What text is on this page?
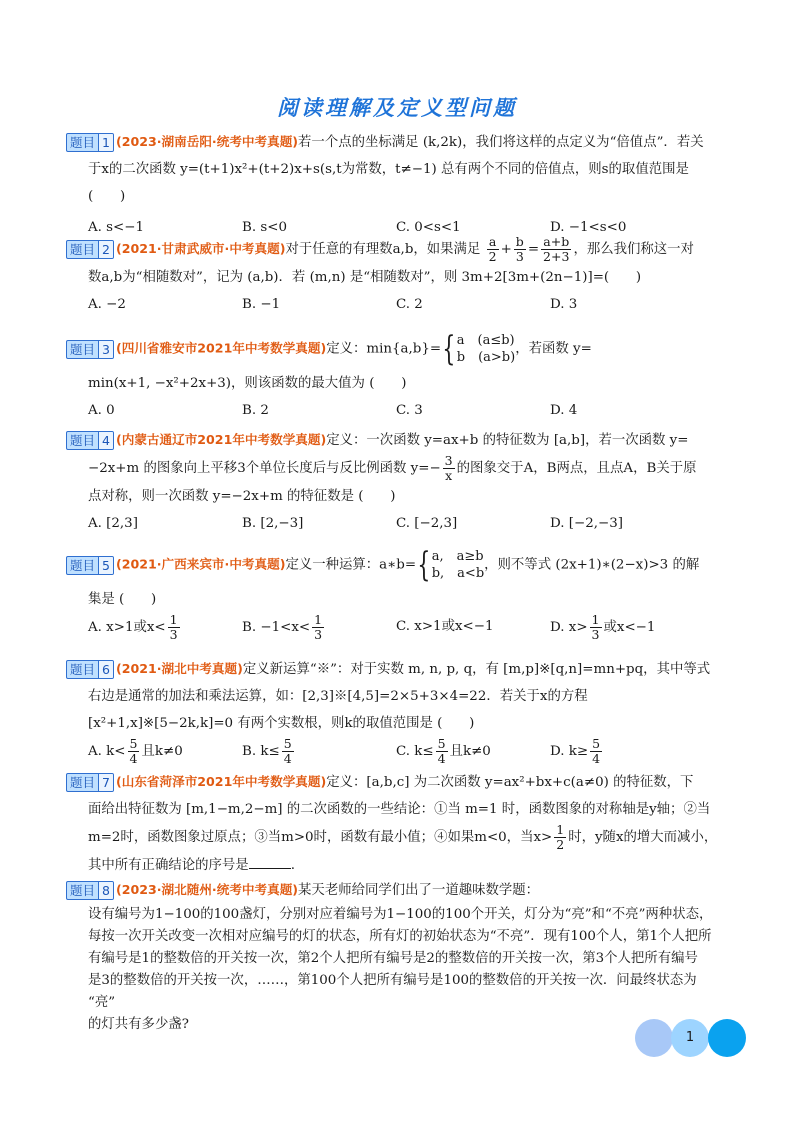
阅读理解及定义型问题
题目 1 (2023·湖南岳阳·统考中考真题)若一个点的坐标满足 (k,2k)，我们将这样的点定义为“倍值点”．若关
于x的二次函数 y=(t+1)x²+(t+2)x+s(s,t为常数，t≠−1) 总有两个不同的倍值点，则s的取值范围是
(　　)
A. s<−1	B. s<0	C. 0<s<1	D. −1<s<0
题目 2 (2021·甘肃武威市·中考真题)对于任意的有理数a,b，如果满足 $\frac{a}{2} + \frac{b}{3} = \frac{a+b}{2+3}$ ，那么我们称这一对
数a,b为“相随数对”，记为 (a,b)．若 (m,n) 是“相随数对”，则 3m+2[3m+(2n−1)]=(　　)
A. −2	B. −1	C. 2	D. 3
题目 3 (四川省雅安市2021年中考数学真题)定义：min{a,b}={ a　(a≤b)
b　(a>b)
，若函数 y=
min(x+1, −x²+2x+3)，则该函数的最大值为 (　　)
A. 0	B. 2	C. 3	D. 4
题目 4 (内蒙古通辽市2021年中考数学真题)定义：一次函数 y=ax+b 的特征数为 [a,b]，若一次函数 y=
−2x+m 的图象向上平移3个单位长度后与反比例函数 $y=- \frac{3}{x}$ 的图象交于A，B两点，且点A，B关于原
点对称，则一次函数 y=−2x+m 的特征数是 (　　)
A. [2,3]	B. [2,−3]	C. [−2,3]	D. [−2,−3]
题目 5 (2021·广西来宾市·中考真题)定义一种运算：a∗b={ a,　a≥b
b,　a<b
，则不等式 (2x+1)∗(2−x)>3 的解
集是 (　　)
A. x>1或$x< \frac{1}{3}$	B. $-1<x< \frac{1}{3}$	C. x>1或x<−1	D. $x> \frac{1}{3}$ 或x<−1
题目 6 (2021·湖北中考真题)定义新运算“※”：对于实数 m, n, p, q，有 [m,p]※[q,n]=mn+pq，其中等式
右边是通常的加法和乘法运算，如：[2,3]※[4,5]=2×5+3×4=22．若关于x的方程
[x²+1,x]※[5−2k,k]=0 有两个实数根，则k的取值范围是 (　　)
A. $k< \frac{5}{4}$ 且k≠0	B. $k\le \frac{5}{4}$	C. $k\le \frac{5}{4}$ 且k≠0	D. $k\ge \frac{5}{4}$
题目 7 (山东省菏泽市2021年中考数学真题)定义：[a,b,c] 为二次函数 y=ax²+bx+c(a≠0) 的特征数，下
面给出特征数为 [m,1−m,2−m] 的二次函数的一些结论：①当 m=1 时，函数图象的对称轴是y轴；②当
m=2时，函数图象过原点；③当m>0时，函数有最小值；④如果m<0，当$x> \frac{1}{2}$ 时，y随x的增大而减小，
其中所有正确结论的序号是	.
题目 8 (2023·湖北随州·统考中考真题)某天老师给同学们出了一道趣味数学题：
设有编号为1−100的100盏灯，分别对应着编号为1−100的100个开关，灯分为“亮”和“不亮”两种状态，
每按一次开关改变一次相对应编号的灯的状态，所有灯的初始状态为“不亮”．现有100个人，第1个人把所
有编号是1的整数倍的开关按一次，第2个人把所有编号是2的整数倍的开关按一次，第3个人把所有编号
是3的整数倍的开关按一次，……，第100个人把所有编号是100的整数倍的开关按一次．问最终状态为
“亮”
的灯共有多少盏?
1
